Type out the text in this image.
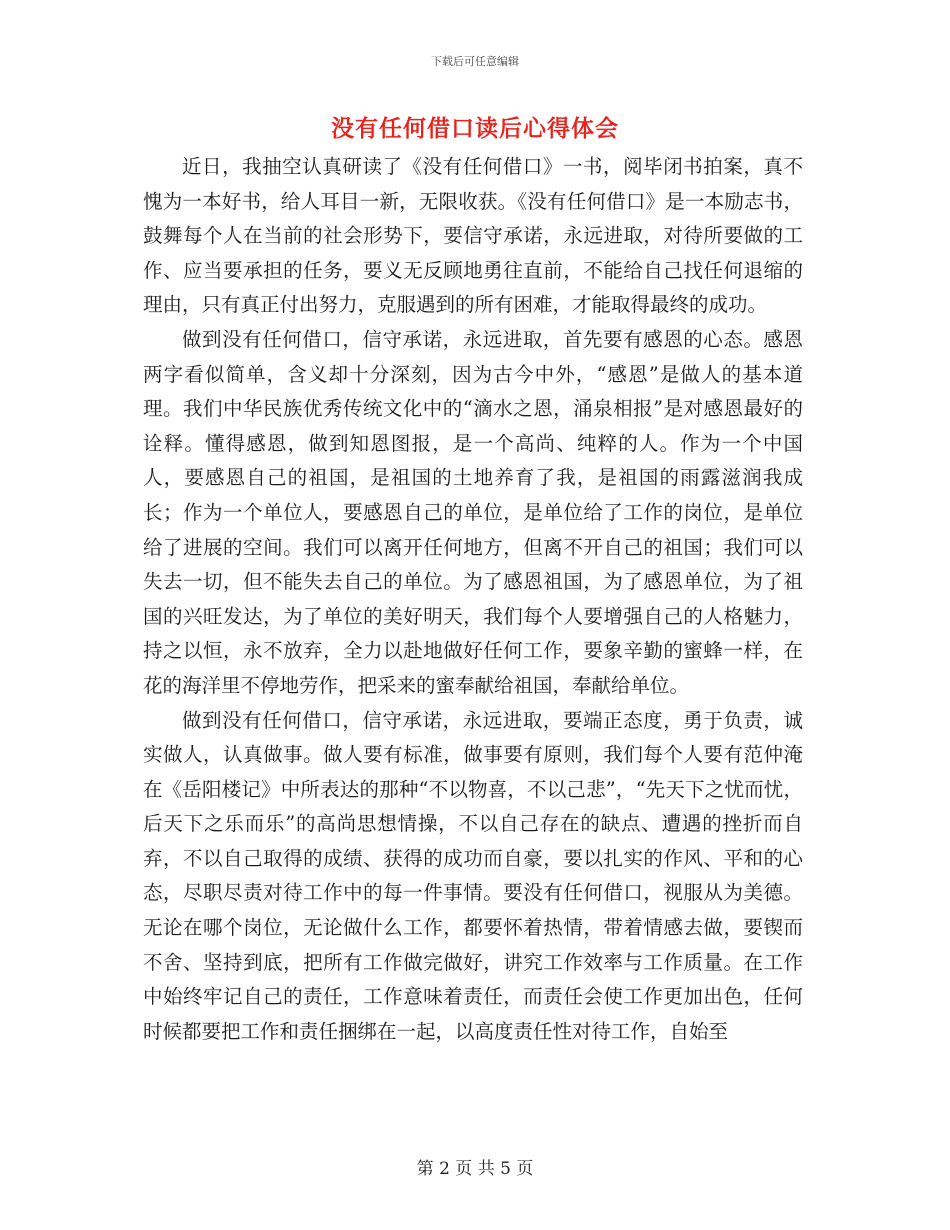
下载后可任意编辑
没有任何借口读后心得体会

近日，我抽空认真研读了《没有任何借口》一书，阅毕闭书拍案，真不愧为一本好书，给人耳目一新，无限收获。《没有任何借口》是一本励志书，鼓舞每个人在当前的社会形势下，要信守承诺，永远进取，对待所要做的工作、应当要承担的任务，要义无反顾地勇往直前，不能给自己找任何退缩的理由，只有真正付出努力，克服遇到的所有困难，才能取得最终的成功。

做到没有任何借口，信守承诺，永远进取，首先要有感恩的心态。感恩两字看似简单，含义却十分深刻，因为古今中外，“感恩”是做人的基本道理。我们中华民族优秀传统文化中的“滴水之恩，涌泉相报”是对感恩最好的诠释。懂得感恩，做到知恩图报，是一个高尚、纯粹的人。作为一个中国人，要感恩自己的祖国，是祖国的土地养育了我，是祖国的雨露滋润我成长；作为一个单位人，要感恩自己的单位，是单位给了工作的岗位，是单位给了进展的空间。我们可以离开任何地方，但离不开自己的祖国；我们可以失去一切，但不能失去自己的单位。为了感恩祖国，为了感恩单位，为了祖国的兴旺发达，为了单位的美好明天，我们每个人要增强自己的人格魅力，持之以恒，永不放弃，全力以赴地做好任何工作，要象辛勤的蜜蜂一样，在花的海洋里不停地劳作，把采来的蜜奉献给祖国，奉献给单位。

做到没有任何借口，信守承诺，永远进取，要端正态度，勇于负责，诚实做人，认真做事。做人要有标准，做事要有原则，我们每个人要有范仲淹在《岳阳楼记》中所表达的那种“不以物喜，不以己悲”，“先天下之忧而忧，后天下之乐而乐”的高尚思想情操，不以自己存在的缺点、遭遇的挫折而自弃，不以自己取得的成绩、获得的成功而自豪，要以扎实的作风、平和的心态，尽职尽责对待工作中的每一件事情。要没有任何借口，视服从为美德。无论在哪个岗位，无论做什么工作，都要怀着热情，带着情感去做，要锲而不舍、坚持到底，把所有工作做完做好，讲究工作效率与工作质量。在工作中始终牢记自己的责任，工作意味着责任，而责任会使工作更加出色，任何时候都要把工作和责任捆绑在一起，以高度责任性对待工作，自始至

第 2 页 共 5 页
